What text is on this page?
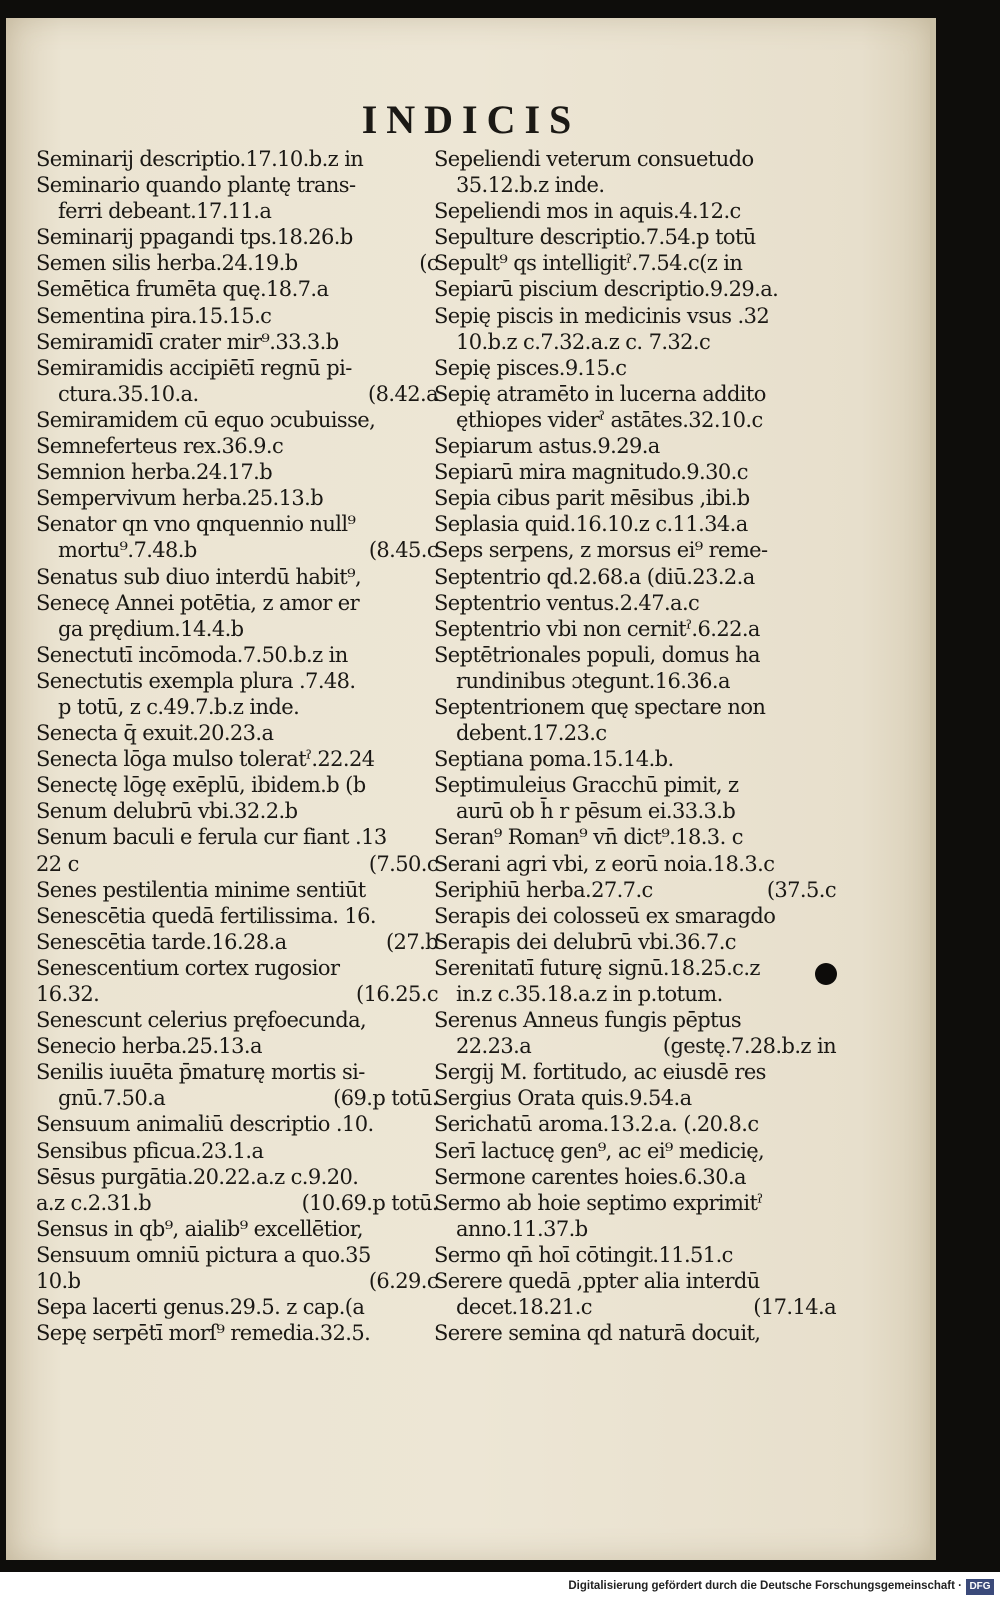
INDICIS
Seminarij descriptio.17.10.b.z in
Seminario quando plantę trans-
ferri debeant.17.11.a
Seminarij ppagandi tps.18.26.b
(c
Semen silis herba.24.19.b
Semētica frumēta quę.18.7.a
Sementina pira.15.15.c
Semiramidī crater mir⁹.33.3.b
Semiramidis accipiētī regnū pi-
(8.42.a
ctura.35.10.a.
Semiramidem cū equo ɔcubuisse,
Semneferteus rex.36.9.c
Semnion herba.24.17.b
Sempervivum herba.25.13.b
Senator qn vno qnquennio null⁹
(8.45.c
mortu⁹.7.48.b
Senatus sub diuo interdū habit⁹,
Senecę Annei potētia, z amor er
ga prędium.14.4.b
Senectutī incōmoda.7.50.b.z in
Senectutis exempla plura .7.48.
p totū, z c.49.7.b.z inde.
Senecta q̄ exuit.20.23.a
Senecta lōga mulso toleratˀ.22.24
Senectę lōgę exēplū, ibidem.b (b
Senum delubrū vbi.32.2.b
Senum baculi e ferula cur fiant .13
(7.50.c
22 c
Senes pestilentia minime sentiūt
Senescētia quedā fertilissima. 16.
(27.b
Senescētia tarde.16.28.a
Senescentium cortex rugosior
(16.25.c
16.32.
Senescunt celerius pręfoecunda,
Senecio herba.25.13.a
Senilis iuuēta p̄maturę mortis si-
(69.p totū.
gnū.7.50.a
Sensuum animaliū descriptio .10.
Sensibus pficua.23.1.a
Sēsus purgātia.20.22.a.z c.9.20.
(10.69.p totū.
a.z c.2.31.b
Sensus in qb⁹, aialib⁹ excellētior,
Sensuum omniū pictura a quo.35
(6.29.c
10.b
Sepa lacerti genus.29.5. z cap.(a
Sepę serpētī morſ⁹ remedia.32.5.
Sepeliendi veterum consuetudo
35.12.b.z inde.
Sepeliendi mos in aquis.4.12.c
Sepulture descriptio.7.54.p totū
Sepult⁹ qs intelligitˀ.7.54.c(z in
Sepiarū piscium descriptio.9.29.a.
Sepię piscis in medicinis vsus .32
10.b.z c.7.32.a.z c. 7.32.c
Sepię pisces.9.15.c
Sepię atramēto in lucerna addito
ęthiopes viderˀ astātes.32.10.c
Sepiarum astus.9.29.a
Sepiarū mira magnitudo.9.30.c
Sepia cibus parit mēsibus ,ibi.b
Seplasia quid.16.10.z c.11.34.a
Seps serpens, z morsus ei⁹ reme-
Septentrio qd.2.68.a (diū.23.2.a
Septentrio ventus.2.47.a.c
Septentrio vbi non cernitˀ.6.22.a
Septētrionales populi, domus ha
rundinibus ɔtegunt.16.36.a
Septentrionem quę spectare non
debent.17.23.c
Septiana poma.15.14.b.
Septimuleius Gracchū pimit, z
aurū ob h̄ r pēsum ei.33.3.b
Seran⁹ Roman⁹ vn̄ dict⁹.18.3. c
Serani agri vbi, z eorū noia.18.3.c
(37.5.c
Seriphiū herba.27.7.c
Serapis dei colosseū ex smaragdo
Serapis dei delubrū vbi.36.7.c
Serenitatī futurę signū.18.25.c.z
in.z c.35.18.a.z in p.totum.
Serenus Anneus fungis pēptus
(gestę.7.28.b.z in
22.23.a
Sergij M. fortitudo, ac eiusdē res
Sergius Orata quis.9.54.a
Serichatū aroma.13.2.a. (.20.8.c
Serī lactucę gen⁹, ac ei⁹ medicię,
Sermone carentes hoies.6.30.a
Sermo ab hoie septimo exprimitˀ
anno.11.37.b
Sermo qn̄ hoī cōtingit.11.51.c
Serere quedā ,ppter alia interdū
(17.14.a
decet.18.21.c
Serere semina qd naturā docuit,
Digitalisierung gefördert durch die Deutsche Forschungsgemeinschaft · DFG
